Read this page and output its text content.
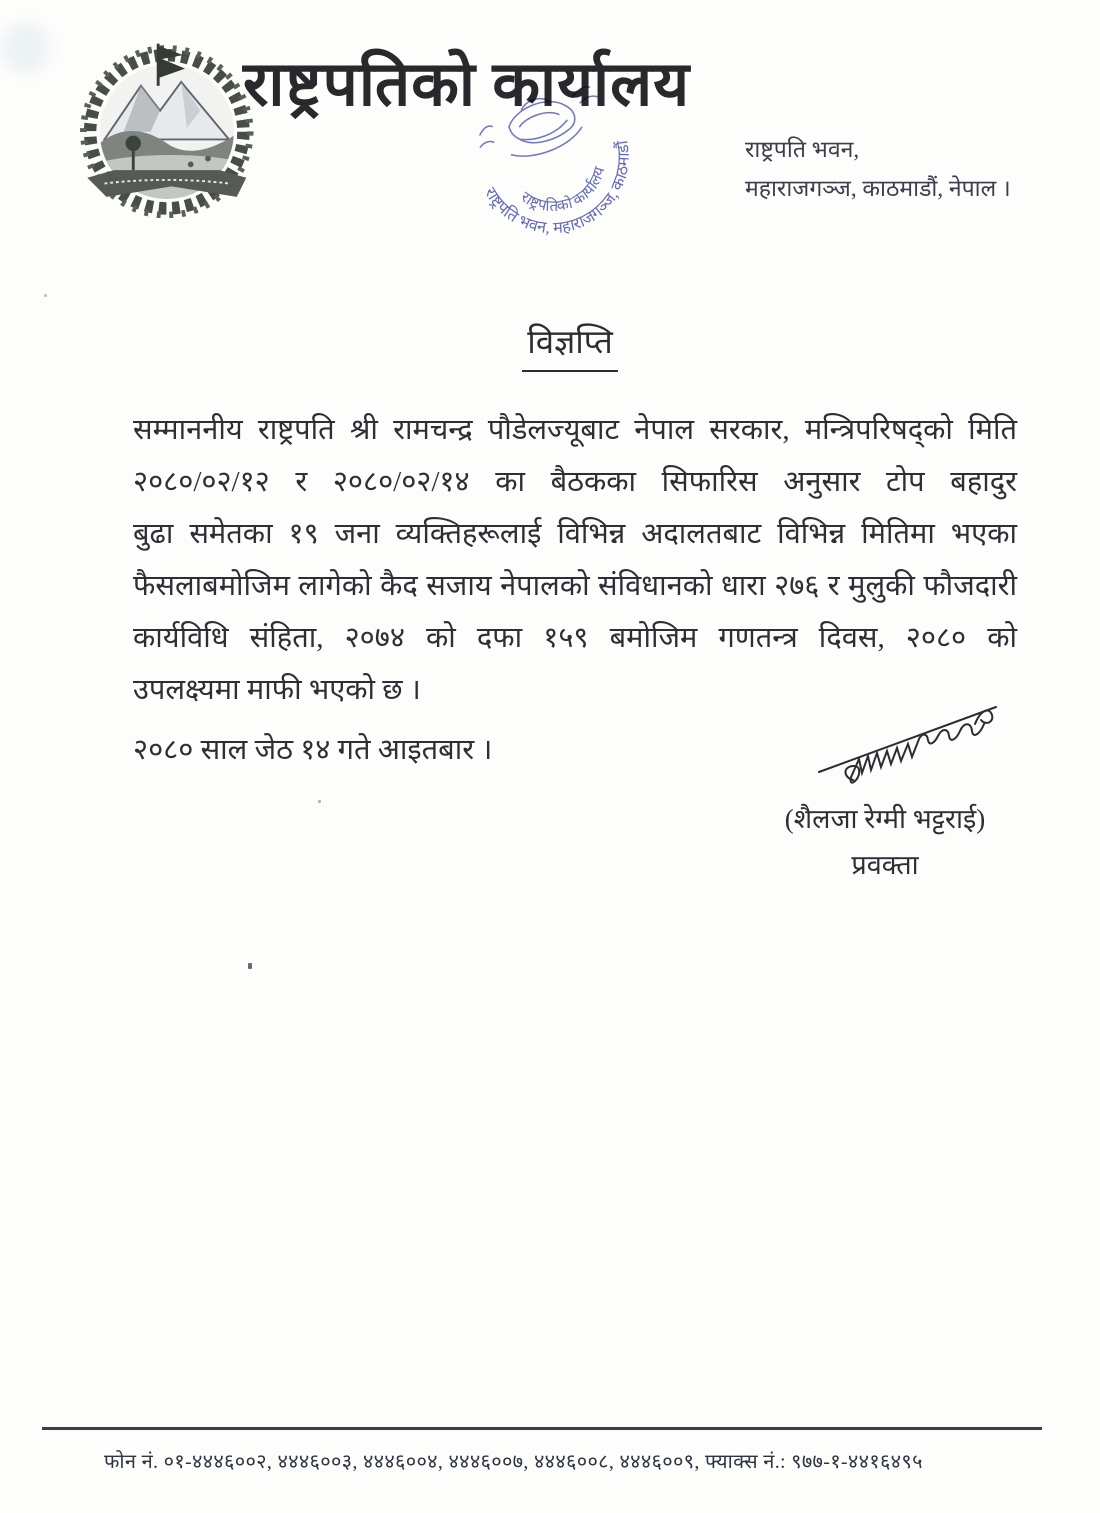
राष्ट्रपतिको कार्यालय
राष्ट्रपति भवन, महाराजगञ्ज, काठमाडौं
राष्ट्रपतिको कार्यालय
राष्ट्रपति भवन,
महाराजगञ्ज, काठमाडौं, नेपाल ।
विज्ञप्ति
सम्माननीय राष्ट्रपति श्री रामचन्द्र पौडेलज्यूबाट नेपाल सरकार, मन्त्रिपरिषद्को मिति
२०८०/०२/१२ र २०८०/०२/१४ का बैठकका सिफारिस अनुसार टोप बहादुर
बुढा समेतका १९ जना व्यक्तिहरूलाई विभिन्न अदालतबाट विभिन्न मितिमा भएका
फैसलाबमोजिम लागेको कैद सजाय नेपालको संविधानको धारा २७६ र मुलुकी फौजदारी
कार्यविधि संहिता, २०७४ को दफा १५९ बमोजिम गणतन्त्र दिवस, २०८० को
उपलक्ष्यमा माफी भएको छ ।
२०८० साल जेठ १४ गते आइतबार ।
(शैलजा रेग्मी भट्टराई)
प्रवक्ता
फोन नं. ०१-४४४६००२, ४४४६००३, ४४४६००४, ४४४६००७, ४४४६००८, ४४४६००९, फ्याक्स नं.: ९७७-१-४४१६४९५
